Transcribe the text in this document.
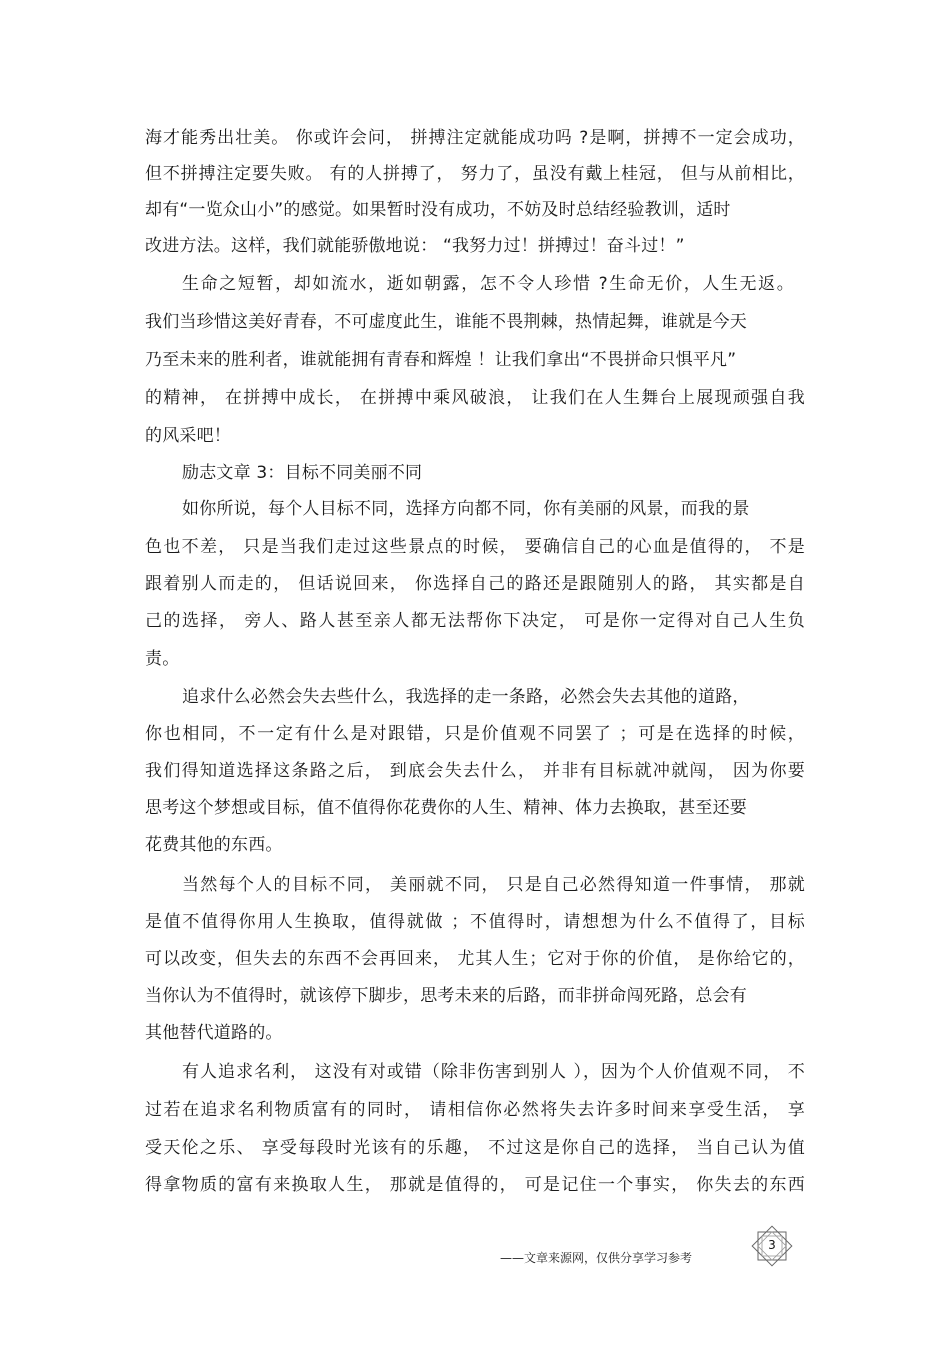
海才能秀出壮美。 你或许会问， 拼搏注定就能成功吗 ?是啊，拼搏不一定会成功，
但不拼搏注定要失败。 有的人拼搏了， 努力了，虽没有戴上桂冠， 但与从前相比，
却有“一览众山小”的感觉。如果暂时没有成功，不妨及时总结经验教训，适时
改进方法。这样，我们就能骄傲地说： “我努力过！拼搏过！奋斗过！”
生命之短暂，却如流水，逝如朝露，怎不令人珍惜 ?生命无价，人生无返。
我们当珍惜这美好青春，不可虚度此生，谁能不畏荆棘，热情起舞，谁就是今天
乃至未来的胜利者，谁就能拥有青春和辉煌 ！让我们拿出“不畏拼命只惧平凡”
的精神， 在拼搏中成长， 在拼搏中乘风破浪， 让我们在人生舞台上展现顽强自我
的风采吧！
励志文章 3：目标不同美丽不同
如你所说，每个人目标不同，选择方向都不同，你有美丽的风景，而我的景
色也不差， 只是当我们走过这些景点的时候， 要确信自己的心血是值得的， 不是
跟着别人而走的， 但话说回来， 你选择自己的路还是跟随别人的路， 其实都是自
己的选择， 旁人、路人甚至亲人都无法帮你下决定， 可是你一定得对自己人生负
责。
追求什么必然会失去些什么，我选择的走一条路，必然会失去其他的道路，
你也相同，不一定有什么是对跟错，只是价值观不同罢了 ；可是在选择的时候，
我们得知道选择这条路之后， 到底会失去什么， 并非有目标就冲就闯， 因为你要
思考这个梦想或目标，值不值得你花费你的人生、精神、体力去换取，甚至还要
花费其他的东西。
当然每个人的目标不同， 美丽就不同， 只是自己必然得知道一件事情， 那就
是值不值得你用人生换取，值得就做 ；不值得时，请想想为什么不值得了，目标
可以改变，但失去的东西不会再回来， 尤其人生；它对于你的价值， 是你给它的，
当你认为不值得时，就该停下脚步，思考未来的后路，而非拼命闯死路，总会有
其他替代道路的。
有人追求名利， 这没有对或错（除非伤害到别人 ），因为个人价值观不同， 不
过若在追求名利物质富有的同时， 请相信你必然将失去许多时间来享受生活， 享
受天伦之乐、 享受每段时光该有的乐趣， 不过这是你自己的选择， 当自己认为值
得拿物质的富有来换取人生， 那就是值得的， 可是记住一个事实， 你失去的东西
——文章来源网，仅供分享学习参考
3
